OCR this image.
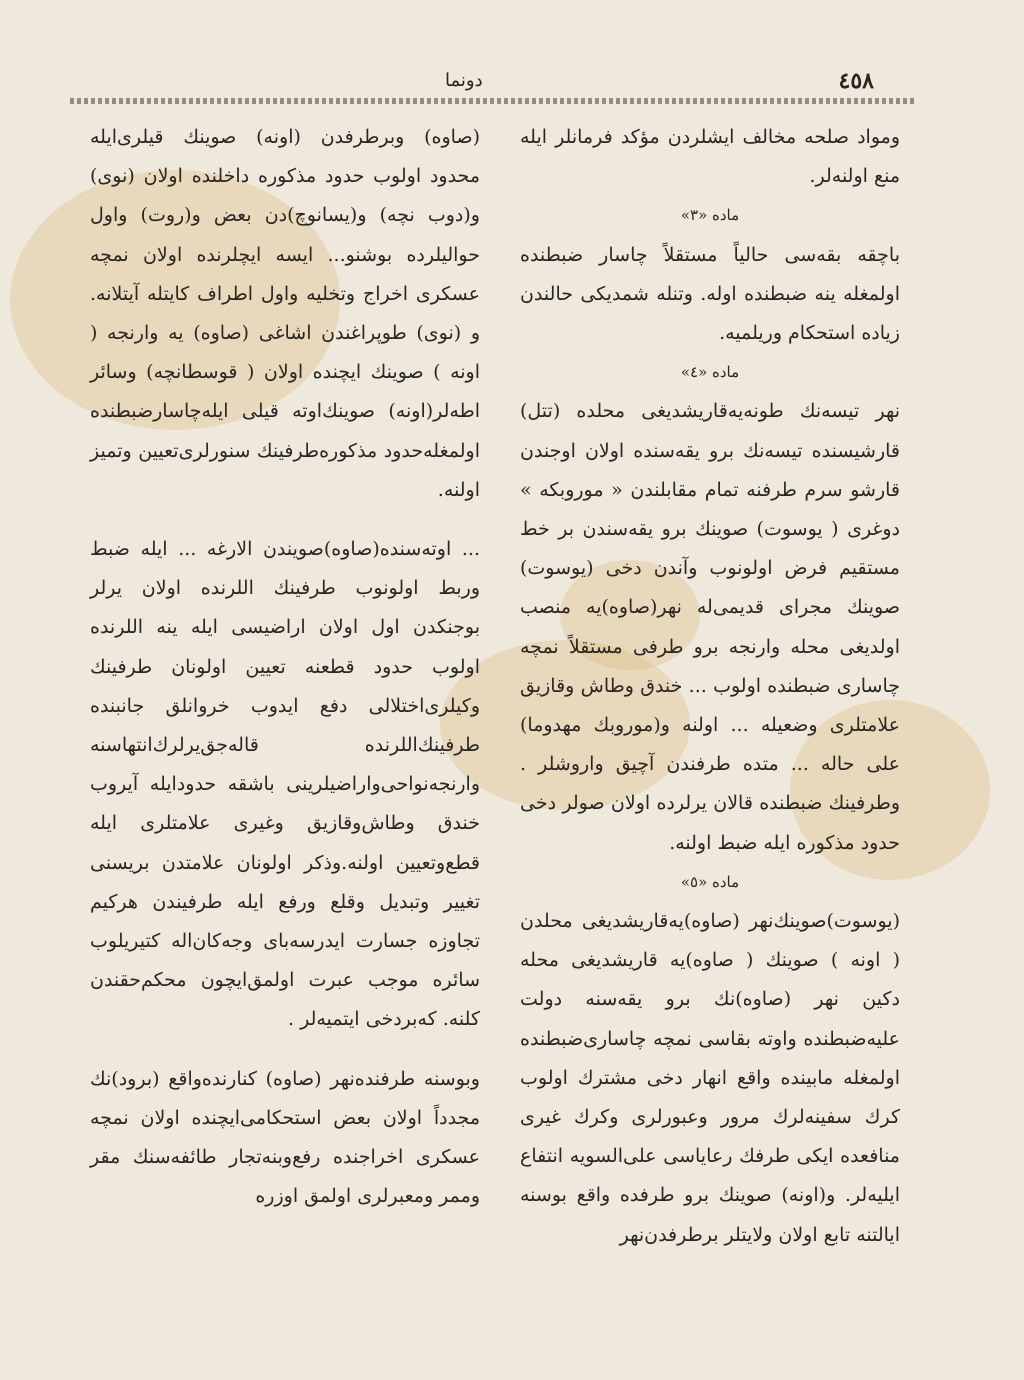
دونما	٤٥٨

ومواد صلحه مخالف ايشلردن مؤكد فرمانلر ايله منع اولنه‌لر.

ماده «٣»

باچقه بقه‌سی حالیاً مستقلاً چاسار ضبطنده اولمغله ينه ضبطنده اوله. وتنله شمديكی حالندن زياده استحكام وريلميه.

ماده «٤»

نهر تيسه‌نك طونه‌يه‌قاريشديغی محلده (تتل) قارشيسنده تيسه‌نك برو يقه‌سنده اولان اوجندن قارشو سرم طرفنه تمام مقابلندن « موروبكه » دوغری ( يوسوت) صوينك برو يقه‌سندن بر خط مستقيم فرض اولونوب وآندن دخی (يوسوت) صوينك مجرای قديمی‌له نهر(صاوه)يه منصب اولديغی محله وارنجه برو طرفی مستقلاً نمچه چاساری ضبطنده اولوب ... خندق وطاش وقازيق علامتلری وضعيله ... اولنه و(موروبك مهدوما) علی حاله ... متده طرفندن آچيق واروشلر . وطرفينك ضبطنده قالان يرلرده اولان صولر دخی حدود مذكوره ايله ضبط اولنه.

ماده «٥»

(يوسوت)صوينك‌نهر (صاوه)يه‌قاريشديغی محلدن ( اونه ) صوينك ( صاوه)يه قاريشديغی محله دكين نهر (صاوه)نك برو يقه‌سنه دولت عليه‌ضبطنده واوته بقاسی نمچه چاساری‌ضبطنده اولمغله مابينده واقع انهار دخی مشترك اولوب كرك سفينه‌لرك مرور وعبورلری وكرك غيری منافعده ايكی طرفك رعاياسی علی‌السويه انتفاع ايليه‌لر. و(اونه) صوينك برو طرفده واقع بوسنه ايالتنه تابع اولان ولايتلر برطرفدن‌نهر

(صاوه) وبرطرفدن (اونه) صوينك قيلری‌ايله محدود اولوب حدود مذكوره داخلنده اولان (نوی) و(دوب نچه) و(يسانوچ)دن بعض و(روت) واول حواليلرده بوشنو... ايسه ايچلرنده اولان نمچه عسكری اخراج وتخليه واول اطراف كايتله آيتلانه. و (نوی) طوپراغندن اشاغی (صاوه) يه وارنجه ( اونه ) صوينك ايچنده اولان ( قوسطانچه) وسائر اطه‌لر(اونه) صوينك‌اوته قيلی ايله‌چاسارضبطنده اولمغله‌حدود مذكوره‌طرفينك سنورلری‌تعيين وتميز اولنه.

... اوته‌سنده(صاوه)صويندن الارغه ... ايله ضبط وربط اولونوب طرفينك اللرنده اولان يرلر بوجنكدن اول اولان اراضيسی ايله ينه اللرنده اولوب حدود قطعنه تعيين اولونان طرفينك وكيلری‌اختلالی دفع ايدوب خروانلق جانبنده طرفينك‌اللرنده قاله‌جق‌يرلرك‌انتهاسنه وارنجه‌نواحی‌واراضيلرينی باشقه حدودايله آيروب خندق وطاش‌وقازيق وغيری علامتلری ايله قطع‌وتعيين اولنه.وذكر اولونان علامتدن بريسنی تغيير وتبديل وقلع ورفع ايله طرفيندن هركيم تجاوزه جسارت ايدرسه‌بای وجه‌كان‌اله كتيريلوب سائره موجب عبرت اولمق‌ايچون محكم‌حقندن كلنه. كه‌بردخی ايتميه‌لر .

وبوسنه طرفنده‌نهر (صاوه) كنارنده‌واقع (برود)نك مجدداً اولان بعض استحكامی‌ايچنده اولان نمچه عسكری اخراجنده رفع‌وبنه‌تجار طائفه‌سنك مقر وممر ومعبرلری اولمق اوزره
